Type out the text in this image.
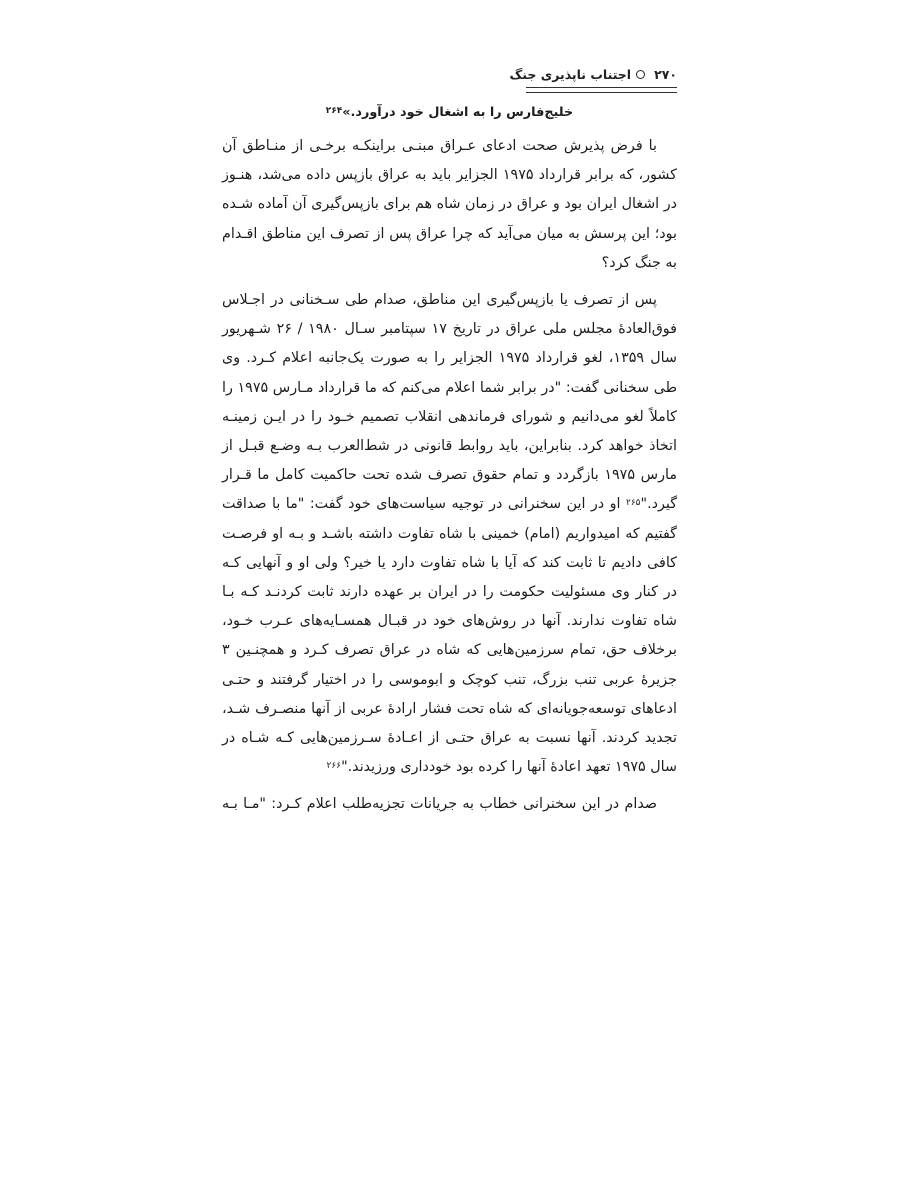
۲۷۰اجتناب ناپذیری جنگ

خلیج‌فارس را به اشغال خود درآورد.»$^{۲۶۴}$

با فرض پذیرش صحت ادعای عـراق مبنـی براینکـه برخـی از منـاطق آن کشور، که برابر قرارداد ۱۹۷۵ الجزایر باید به عراق بازپس داده می‌شد، هنـوز در اشغال ایران بود و عراق در زمان شاه هم برای بازپس‌گیری آن آماده شـده بود؛ این پرسش به میان می‌آید که چرا عراق پس از تصرف این مناطق اقـدام به جنگ کرد؟

پس از تصرف یا بازپس‌گیری این مناطق، صدام طی سـخنانی در اجـلاس فوق‌العادۀ مجلس ملی عراق در تاریخ ۱۷ سپتامبر سـال ۱۹۸۰ / ۲۶ شـهریور سال ۱۳۵۹، لغو قرارداد ۱۹۷۵ الجزایر را به صورت یک‌جانبه اعلام کـرد. وی طی سخنانی گفت: "در برابر شما اعلام می‌کنم که ما قرارداد مـارس ۱۹۷۵ را کاملاً لغو می‌دانیم و شورای فرماندهی انقلاب تصمیم خـود را در ایـن زمینـه اتخاذ خواهد کرد. بنابراین، باید روابط قانونی در شط‌العرب بـه وضـع قبـل از مارس ۱۹۷۵ بازگردد و تمام حقوق تصرف شده تحت حاکمیت کامل ما قـرار گیرد."$^{۲۶۵}$ او در این سخنرانی در توجیه سیاست‌های خود گفت: "ما با صداقت گفتیم که امیدواریم (امام) خمینی با شاه تفاوت داشته باشـد و بـه او فرصـت کافی دادیم تا ثابت کند که آیا با شاه تفاوت دارد یا خیر؟ ولی او و آنهایی کـه در کنار وی مسئولیت حکومت را در ایران بر عهده دارند ثابت کردنـد کـه بـا شاه تفاوت ندارند. آنها در روش‌های خود در قبـال همسـایه‌های عـرب خـود، برخلاف حق، تمام سرزمین‌هایی که شاه در عراق تصرف کـرد و همچنـین ۳ جزیرۀ عربی تنب بزرگ، تنب کوچک و ابوموسی را در اختیار گرفتند و حتـی ادعاهای توسعه‌جویانه‌ای که شاه تحت فشار ارادۀ عربی از آنها منصـرف شـد، تجدید کردند. آنها نسبت به عراق حتـی از اعـادۀ سـرزمین‌هایی کـه شـاه در سال ۱۹۷۵ تعهد اعادۀ آنها را کرده بود خودداری ورزیدند."$^{۲۶۶}$

صدام در این سخنرانی خطاب به جریانات تجزیه‌طلب اعلام کـرد: "مـا بـه
